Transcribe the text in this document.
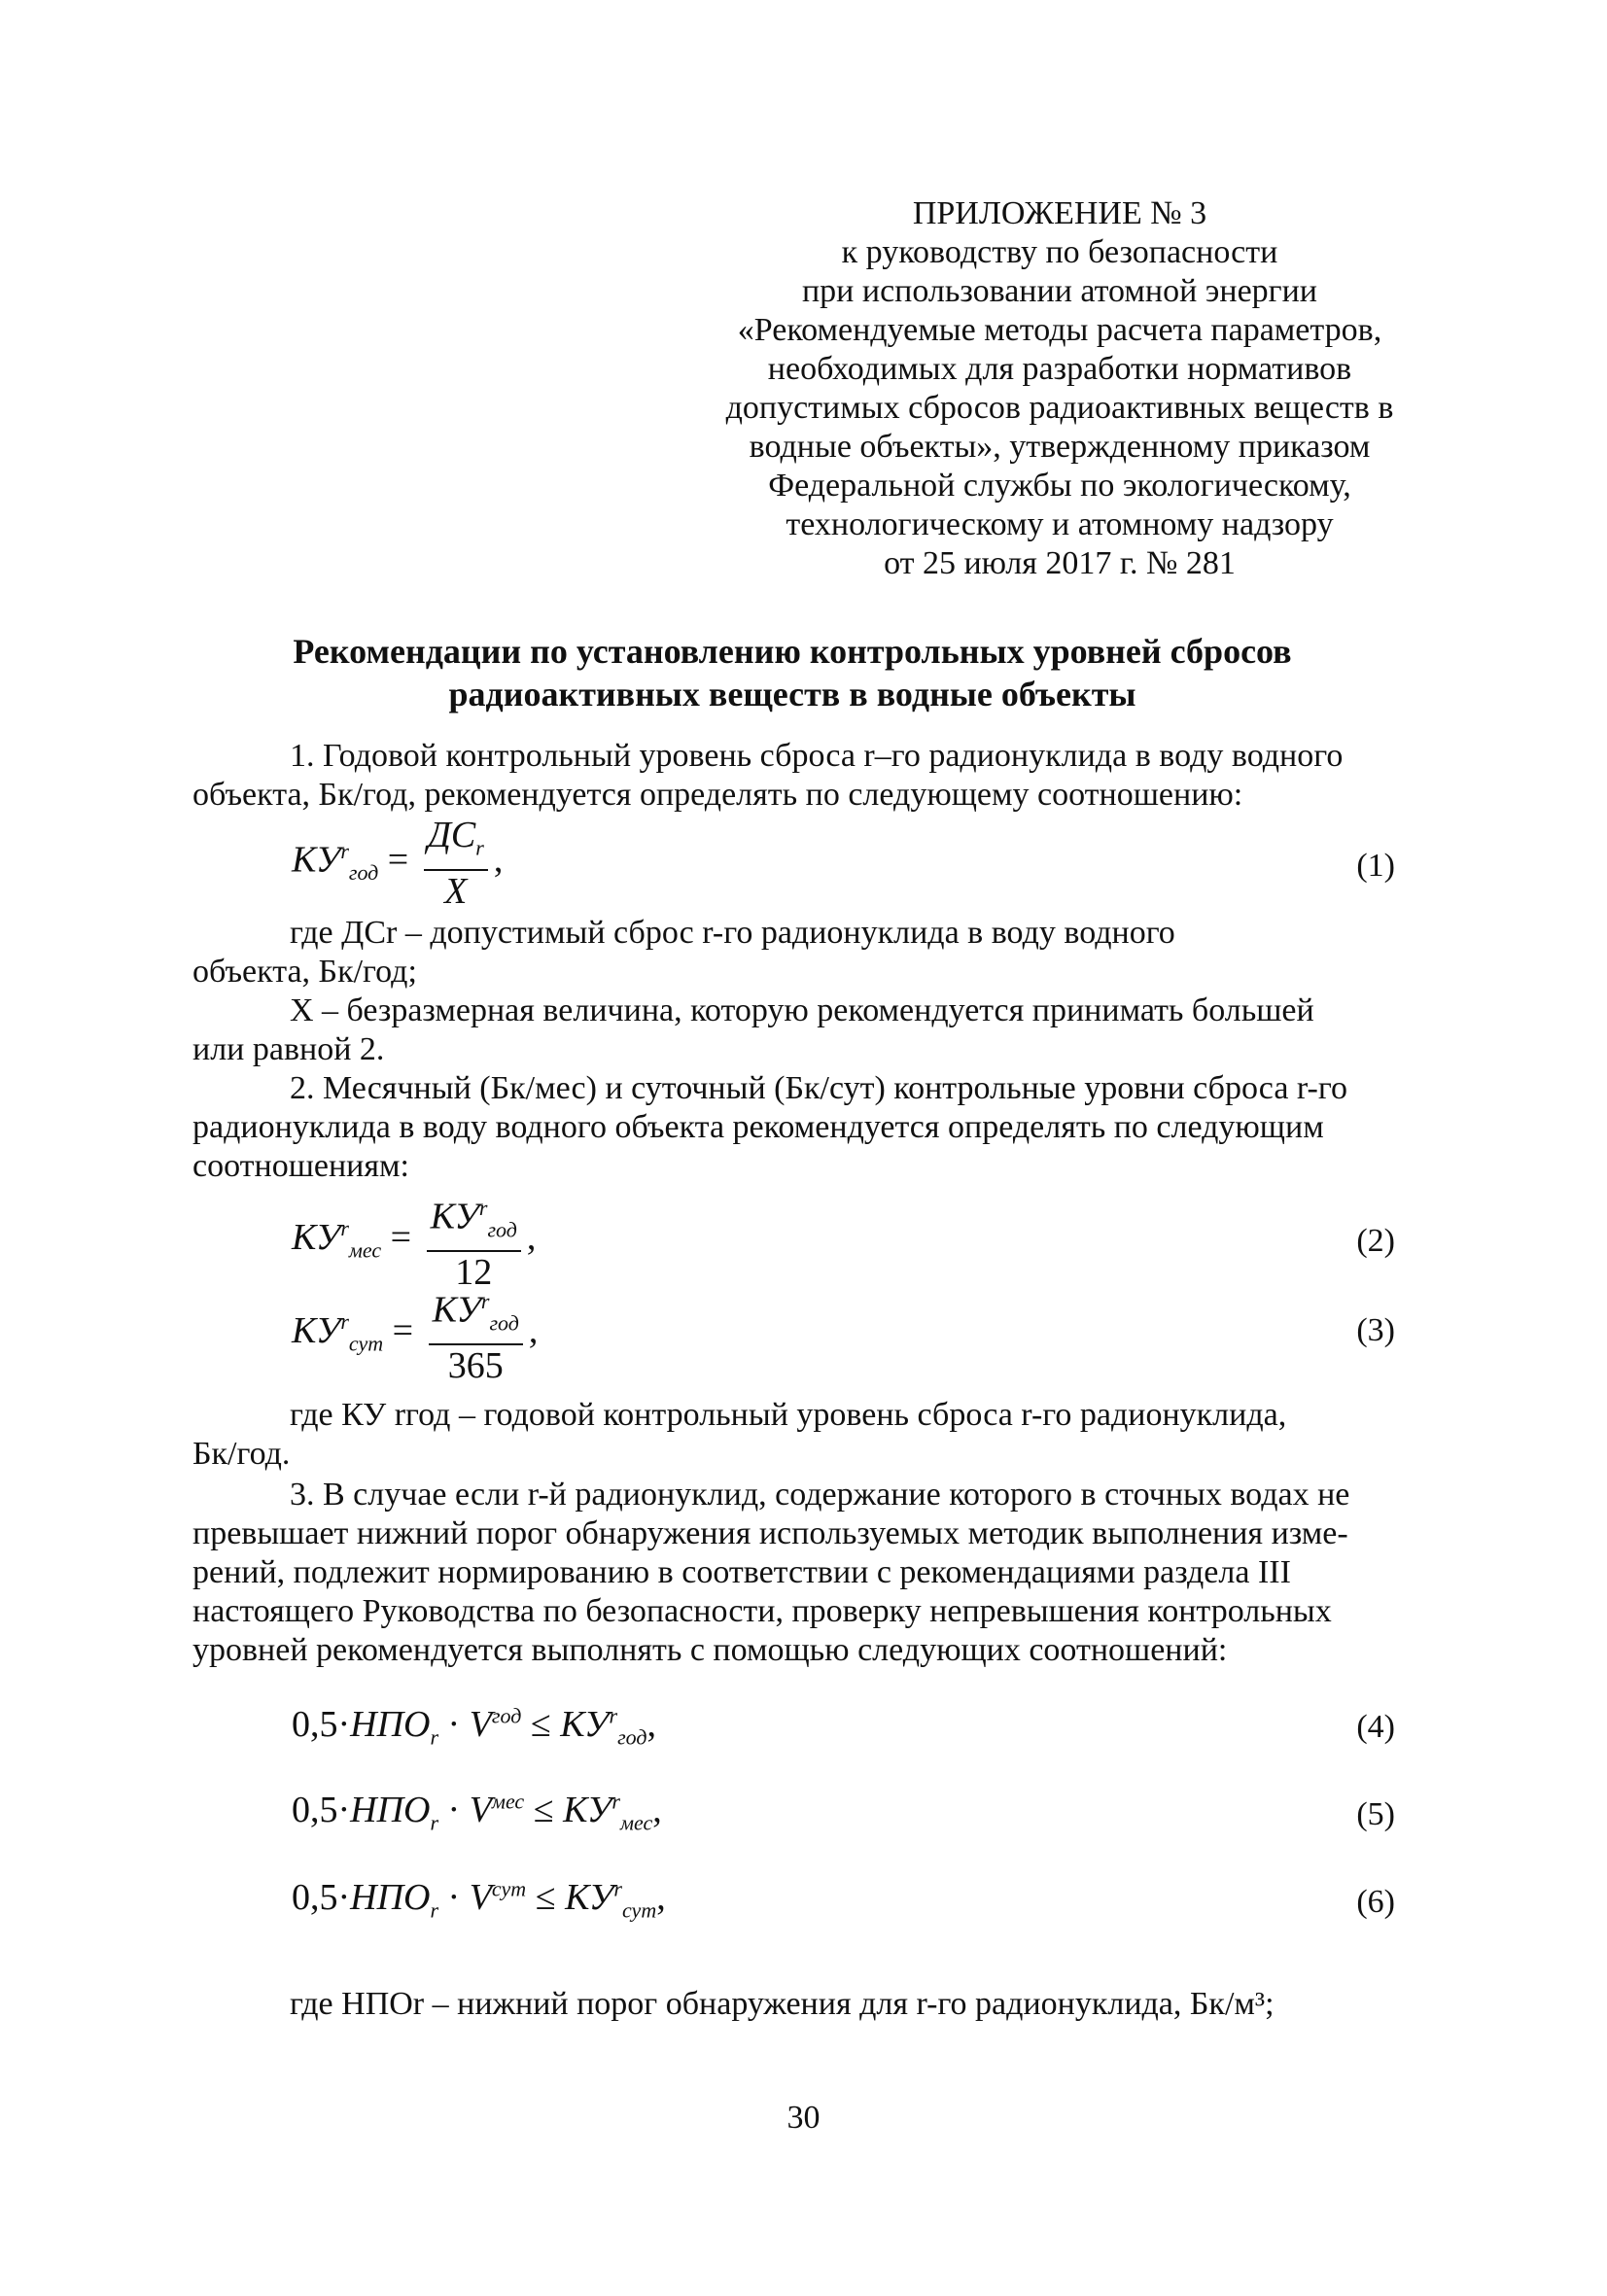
ПРИЛОЖЕНИЕ № 3
к руководству по безопасности
при использовании атомной энергии
«Рекомендуемые методы расчета параметров,
необходимых для разработки нормативов
допустимых сбросов радиоактивных веществ в
водные объекты», утвержденному приказом
Федеральной службы по экологическому,
технологическому и атомному надзору
от 25 июля 2017 г. № 281
Рекомендации по установлению контрольных уровней сбросов
радиоактивных веществ в водные объекты
1. Годовой контрольный уровень сброса r–го радионуклида в воду водного
объекта, Бк/год, рекомендуется определять по следующему соотношению:
$КУ^r_{год} = \frac{ДС_r}{X}$ ,	(1)
где ДСr – допустимый сброс r-го радионуклида в воду водного
объекта, Бк/год;
X – безразмерная величина, которую рекомендуется принимать большей
или равной 2.
2. Месячный (Бк/мес) и суточный (Бк/сут) контрольные уровни сброса r-го
радионуклида в воду водного объекта рекомендуется определять по следующим
соотношениям:
$КУ^r_{мес} = \frac{КУ^r_{год}}{12}$ ,	(2)
$КУ^r_{сут} = \frac{КУ^r_{год}}{365}$ ,	(3)
где КУ rгод – годовой контрольный уровень сброса r-го радионуклида,
Бк/год.
3. В случае если r-й радионуклид, содержание которого в сточных водах не
превышает нижний порог обнаружения используемых методик выполнения изме-
рений, подлежит нормированию в соответствии с рекомендациями раздела III
настоящего Руководства по безопасности, проверку непревышения контрольных
уровней рекомендуется выполнять с помощью следующих соотношений:
$0,5\cdot НПО_r \cdot V^{год} \le КУ^r_{год}$,	(4)
$0,5\cdot НПО_r \cdot V^{мес} \le КУ^r_{мес}$,	(5)
$0,5\cdot НПО_r \cdot V^{сут} \le КУ^r_{сут}$,	(6)
где НПОr – нижний порог обнаружения для r-го радионуклида, Бк/м³;
30
